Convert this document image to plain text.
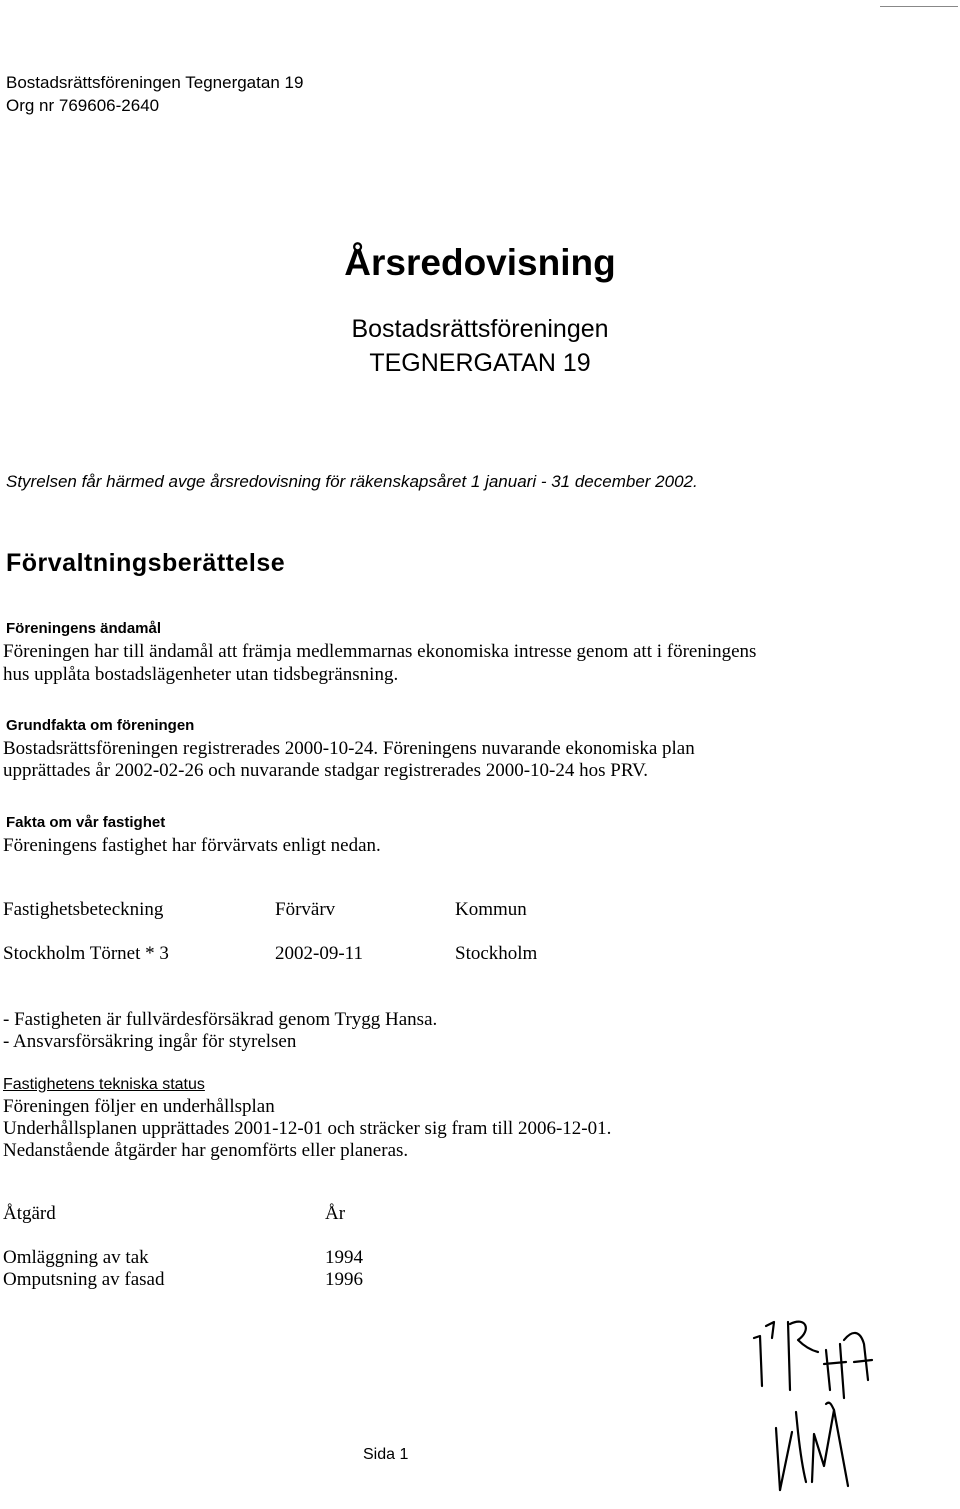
Bostadsrättsföreningen Tegnergatan 19
Org nr 769606-2640
Årsredovisning
Bostadsrättsföreningen
TEGNERGATAN 19
Styrelsen får härmed avge årsredovisning för räkenskapsåret 1 januari - 31 december 2002.
Förvaltningsberättelse
Föreningens ändamål
Föreningen har till ändamål att främja medlemmarnas ekonomiska intresse genom att i föreningens
hus upplåta bostadslägenheter utan tidsbegränsning.
Grundfakta om föreningen
Bostadsrättsföreningen registrerades 2000-10-24. Föreningens nuvarande ekonomiska plan
upprättades år 2002-02-26 och nuvarande stadgar registrerades 2000-10-24 hos PRV.
Fakta om vår fastighet
Föreningens fastighet har förvärvats enligt nedan.
Fastighetsbeteckning	Förvärv	Kommun
Stockholm Törnet * 3	2002-09-11	Stockholm
- Fastigheten är fullvärdesförsäkrad genom Trygg Hansa.
- Ansvarsförsäkring ingår för styrelsen
Fastighetens tekniska status
Föreningen följer en underhållsplan
Underhållsplanen upprättades 2001-12-01 och sträcker sig fram till 2006-12-01.
Nedanstående åtgärder har genomförts eller planeras.
Åtgärd	År
Omläggning av tak	1994
Omputsning av fasad	1996
Sida 1
